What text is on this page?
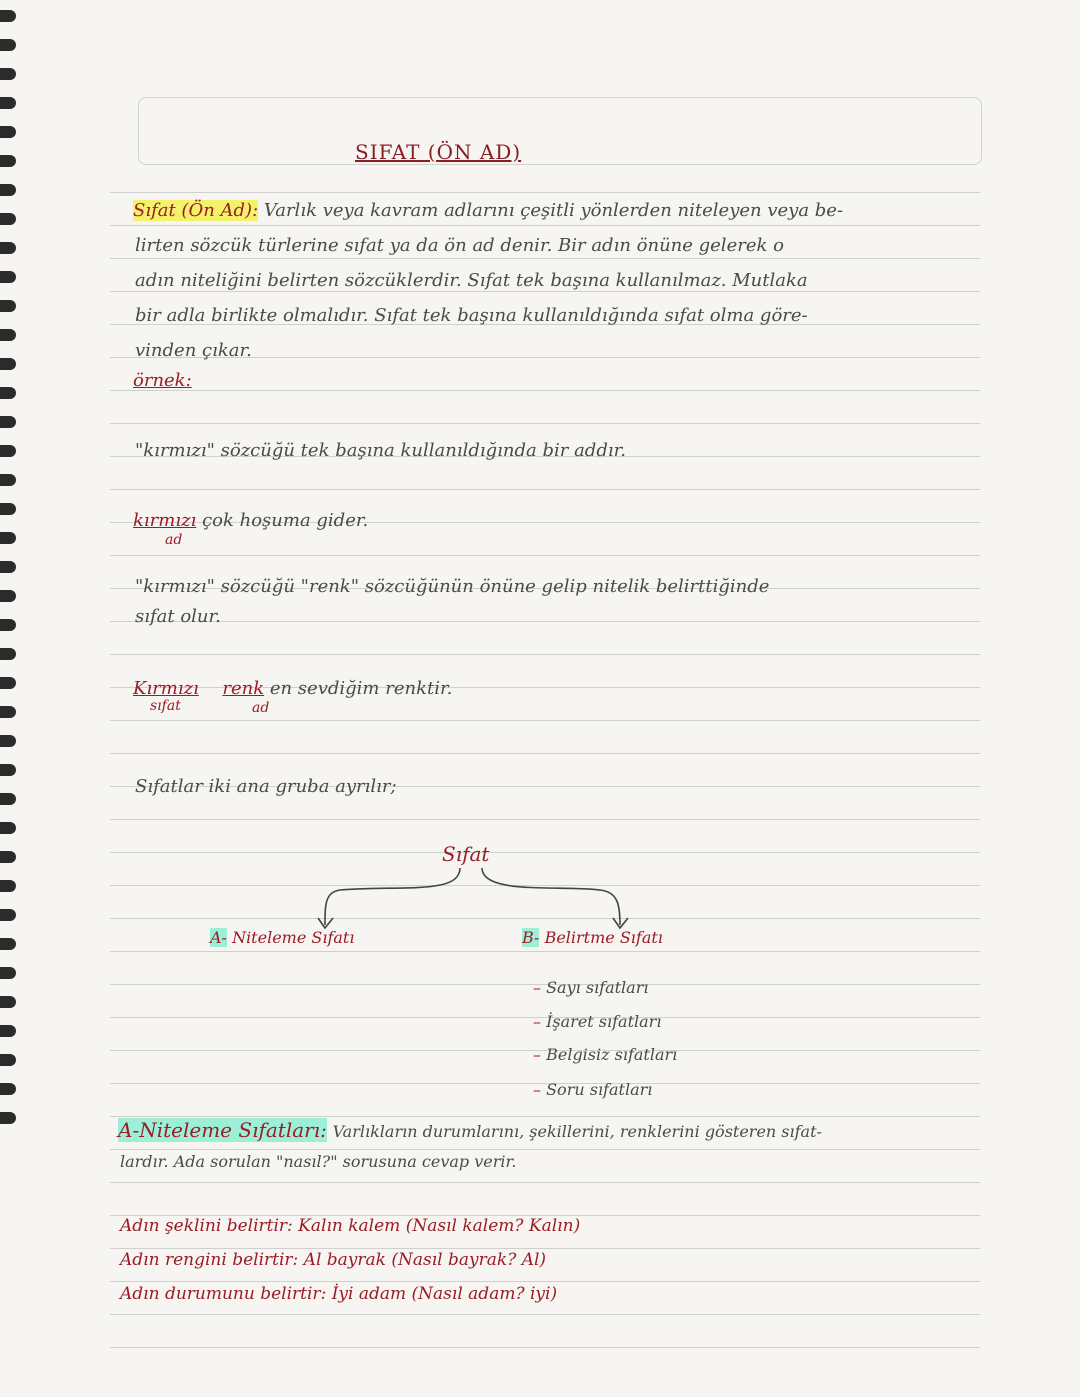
SIFAT (ÖN AD)
Sıfat (Ön Ad): Varlık veya kavram adlarını çeşitli yönlerden niteleyen veya be-
lirten sözcük türlerine sıfat ya da ön ad denir. Bir adın önüne gelerek o
adın niteliğini belirten sözcüklerdir. Sıfat tek başına kullanılmaz. Mutlaka
bir adla birlikte olmalıdır. Sıfat tek başına kullanıldığında sıfat olma göre-
vinden çıkar.
örnek:
"kırmızı" sözcüğü tek başına kullanıldığında bir addır.
kırmızı çok hoşuma gider.
ad
"kırmızı" sözcüğü "renk" sözcüğünün önüne gelip nitelik belirttiğinde
sıfat olur.
Kırmızı renk en sevdiğim renktir.
sıfat	ad
Sıfatlar iki ana gruba ayrılır;
Sıfat
A- Niteleme Sıfatı	B- Belirtme Sıfatı
– Sayı sıfatları
– İşaret sıfatları
– Belgisiz sıfatları
– Soru sıfatları
A-Niteleme Sıfatları: Varlıkların durumlarını, şekillerini, renklerini gösteren sıfat-
lardır. Ada sorulan "nasıl?" sorusuna cevap verir.
Adın şeklini belirtir: Kalın kalem (Nasıl kalem? Kalın)
Adın rengini belirtir: Al bayrak (Nasıl bayrak? Al)
Adın durumunu belirtir: İyi adam (Nasıl adam? iyi)
